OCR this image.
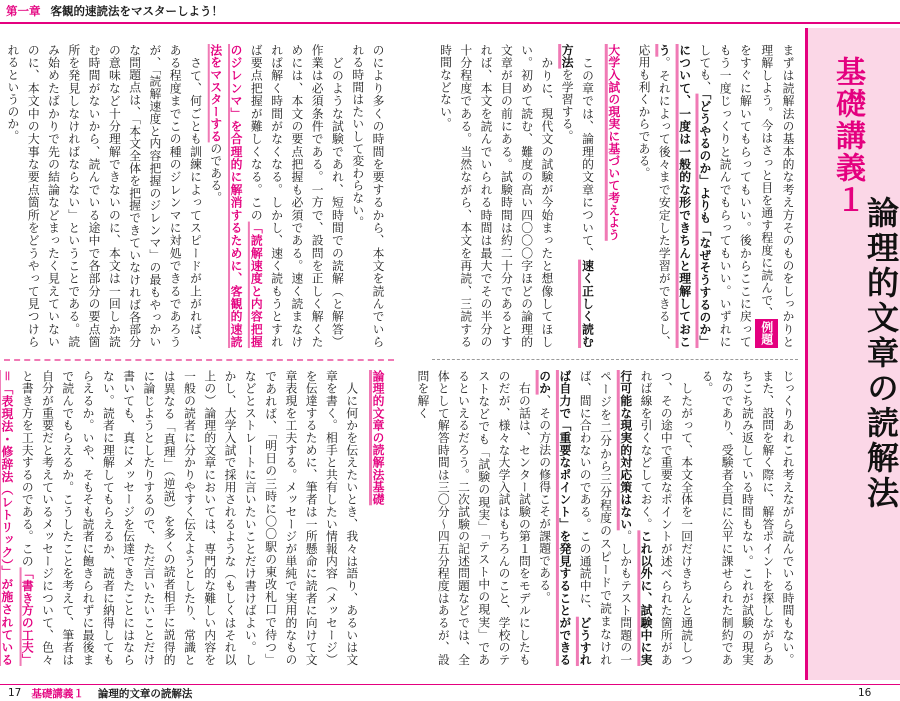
第一章 客観的速読法をマスターしよう！
基礎講義１
論理的文章の読解法

まずは読解法の基本的な考え方そのものをしっかりと理解しよう。今はさっと目を通す程度に読んで、例題をすぐに解いてもらってもいい。後からここに戻ってもう一度じっくりと読んでもらってもいい。いずれにしても、「どうやるのか」よりも「なぜそうするのか」について、一度は一般的な形できちんと理解しておこう。それによって後々まで安定した学習ができるし、応用も利くからである。

大学入試の現実に基づいて考えよう

　この章では、論理的文章について、速く正しく読む方法を学習する。

　かりに、現代文の試験が今始まったと想像してほしい。初めて読む、難度の高い四〇〇〇字ほどの論理的文章が目の前にある。試験時間は約二十分であるとすれば、本文を読んでいられる時間は最大でその半分の十分程度である。当然ながら、本文を再読、三読する時間などない。

じっくりあれこれ考えながら読んでいる時間もない。また、設問を解く際に、解答ポイントを探しながらあちこち読み返している時間もない。これが試験の現実なのであり、受験者全員に公平に課せられた制約である。

　したがって、本文全体を一回だけきちんと通読しつつ、その途中で重要なポイントが述べられた箇所があれば線を引くなどしておく。これ以外に、試験中に実行可能な現実的対応策はない。しかもテスト問題の一ページを二分から三分程度のスピードで読まなければ、間に合わないのである。この通読中に、どうすれば自力で「重要なポイント」を発見することができるのか、その方法の修得こそが課題である。

　右の話は、センター試験の第１問をモデルにしたものだが、様々な大学入試はもちろんのこと、学校のテストなどでも「試験の現実」「テスト中の現実」であるといえるだろう。二次試験の記述問題などでは、全体として解答時間は三〇分〜四五分程度はあるが、設問を解く

のにより多くの時間を要するから、本文を読んでいられる時間はたいして変わらない。

　どのような試験であれ、短時間での読解（と解答）作業は必須条件である。一方で、設問を正しく解くためには、本文の要点把握も必須である。速く読まなければ解く時間がなくなる。しかし、速く読もうとすれば要点把握が難しくなる。この「読解速度と内容把握のジレンマ」を合理的に解消するために、客観的速読法をマスターするのである。

　さて、何ごとも訓練によってスピードが上がれば、ある程度までこの種のジレンマに対処できるであろうが、「読解速度と内容把握のジレンマ」の最もやっかいな問題点は、「本文全体を把握できていなければ各部分の意味など十分理解できないのに、本文は一回しか読む時間がないから、読んでいる途中で各部分の要点箇所を発見しなければならない」ということである。読み始めたばかりで先の結論などまったく見えていないのに、本文中の大事な要点箇所をどうやって見つけられるというのか。

論理的文章の読解法基礎

　人に何かを伝えたいとき、我々は語り、あるいは文章を書く。相手と共有したい情報内容（メッセージ）を伝達するために、筆者は一所懸命に読者に向けて文章表現を工夫する。メッセージが単純で実用的なものであれば、「明日の三時に〇〇駅の東改札口で待つ」などとストレートに言いたいことだけ書けばよい。しかし、大学入試で採用されるような（もしくはそれ以上の）論理的文章においては、専門的な難しい内容を一般の読者に分かりやすく伝えようとしたり、常識とは異なる「真理」（逆説）を多くの読者相手に説得的に論じようとしたりするので、ただ言いたいことだけ書いても、真にメッセージを伝達できたことにはならない。読者に理解してもらえるか、読者に納得してもらえるか。いや、そもそも読者に飽きられずに最後まで読んでもらえるか。こうしたことを考えて、筆者は自分が重要だと考えているメッセージについて、色々と書き方を工夫するのである。この「書き方の工夫」＝「表現法・修辞法（レトリック）」が施されている

17 基礎講義１ 論理的文章の読解法	16
